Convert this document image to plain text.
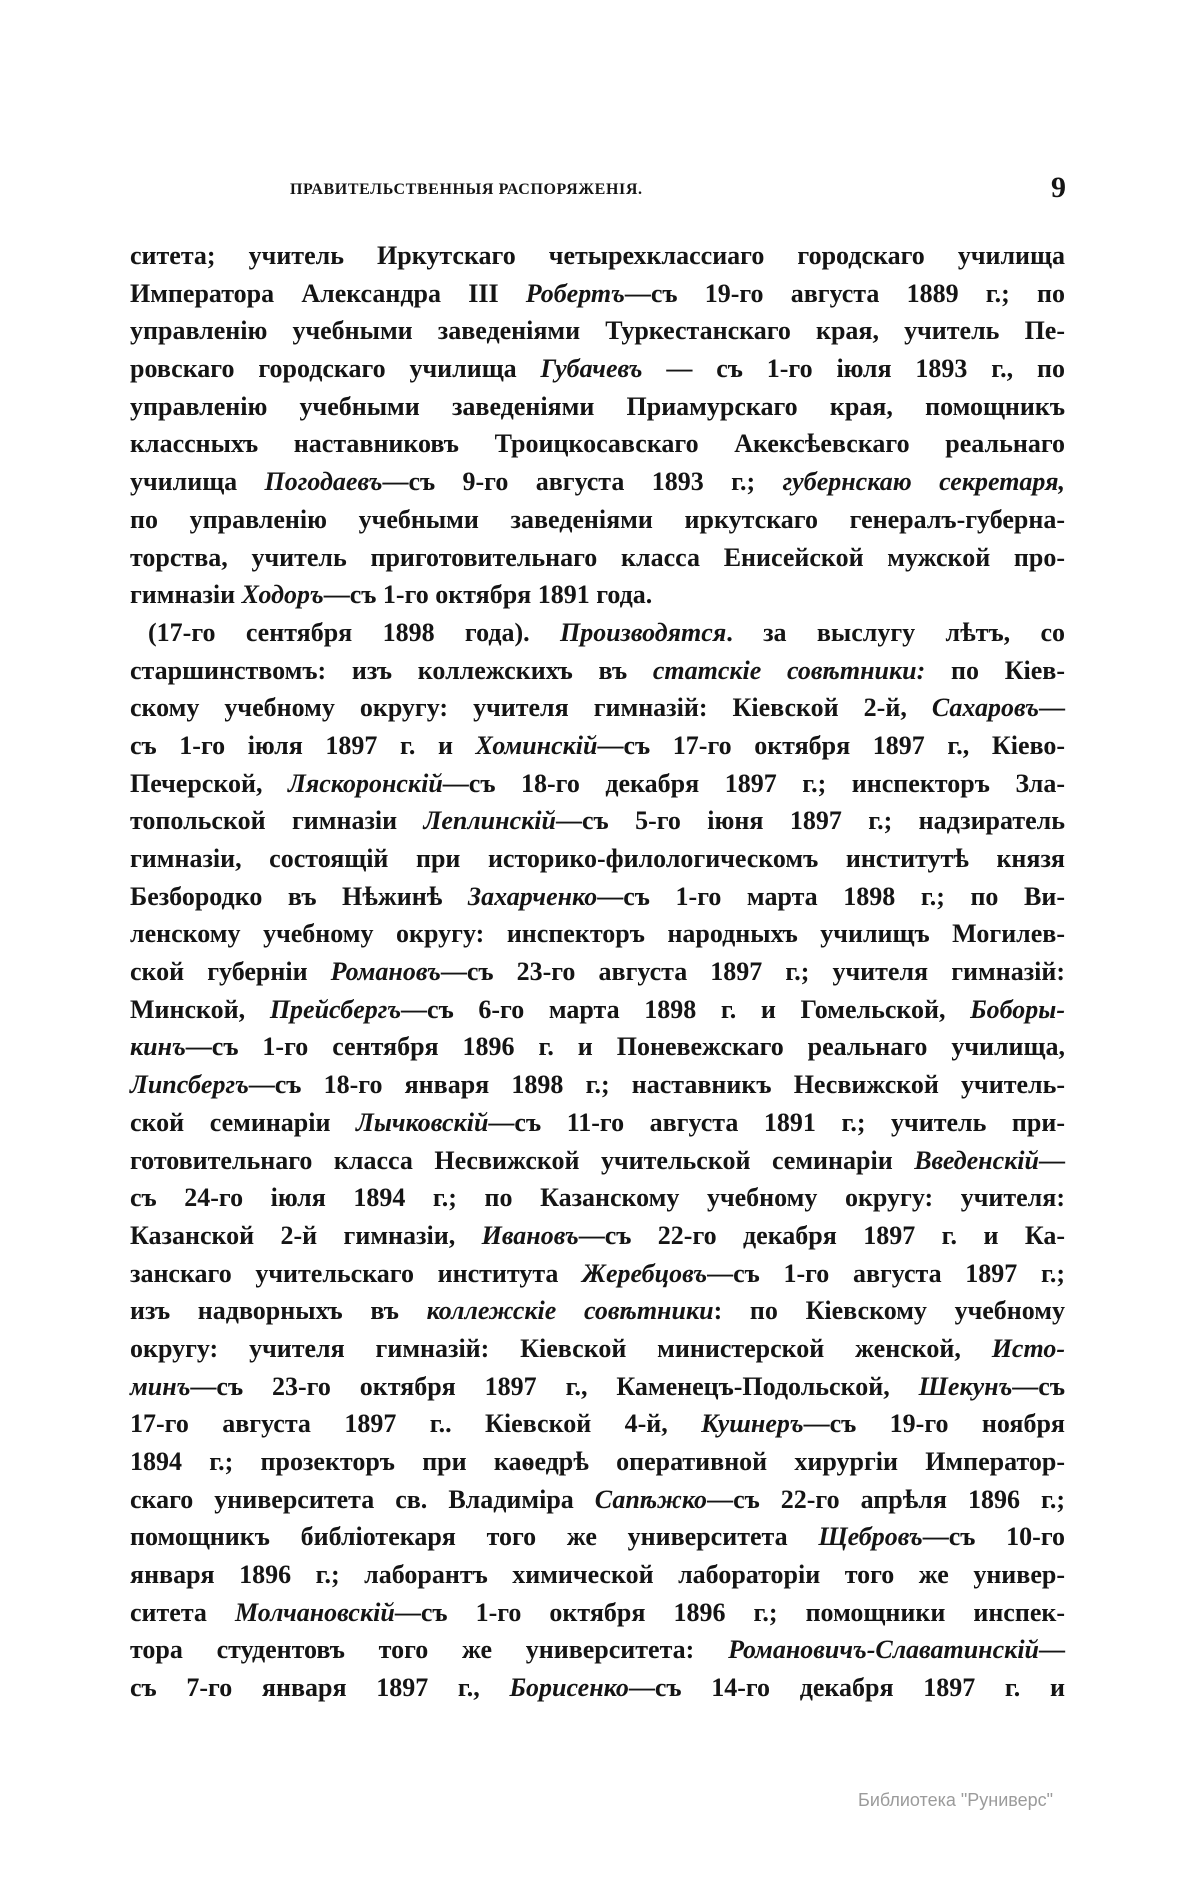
ПРАВИТЕЛЬСТВЕННЫЯ РАСПОРЯЖЕНІЯ.	9
ситета; учитель Иркутскаго четырехклассиаго городскаго училища
Императора Александра III Робертъ—съ 19-го августа 1889 г.; по
управленію учебными заведеніями Туркестанскаго края, учитель Пе-
ровскаго городскаго училища Губачевъ — съ 1-го іюля 1893 г., по
управленію учебными заведеніями Приамурскаго края, помощникъ
классныхъ наставниковъ Троицкосавскаго Акексѣевскаго реальнаго
училища Погодаевъ—съ 9-го августа 1893 г.; губернскаю секретаря,
по управленію учебными заведеніями иркутскаго генералъ-губерна-
торства, учитель приготовительнаго класса Енисейской мужской про-
гимназіи Ходоръ—съ 1-го октября 1891 года.
(17-го сентября 1898 года). Производятся. за выслугу лѣтъ, со
старшинствомъ: изъ коллежскихъ въ статскіе совѣтники: по Кіев-
скому учебному округу: учителя гимназій: Кіевской 2-й, Сахаровъ—
съ 1-го іюля 1897 г. и Хоминскій—съ 17-го октября 1897 г., Кіево-
Печерской, Ляскоронскій—съ 18-го декабря 1897 г.; инспекторъ Зла-
топольской гимназіи Леплинскій—съ 5-го іюня 1897 г.; надзиратель
гимназіи, состоящій при историко-филологическомъ институтѣ князя
Безбородко въ Нѣжинѣ Захарченко—съ 1-го марта 1898 г.; по Ви-
ленскому учебному округу: инспекторъ народныхъ училищъ Могилев-
ской губерніи Романовъ—съ 23-го августа 1897 г.; учителя гимназій:
Минской, Прейсбергъ—съ 6-го марта 1898 г. и Гомельской, Боборы-
кинъ—съ 1-го сентября 1896 г. и Поневежскаго реальнаго училища,
Липсбергъ—съ 18-го января 1898 г.; наставникъ Несвижской учитель-
ской семинаріи Лычковскій—съ 11-го августа 1891 г.; учитель при-
готовительнаго класса Несвижской учительской семинаріи Введенскій—
съ 24-го іюля 1894 г.; по Казанскому учебному округу: учителя:
Казанской 2-й гимназіи, Ивановъ—съ 22-го декабря 1897 г. и Ка-
занскаго учительскаго института Жеребцовъ—съ 1-го августа 1897 г.;
изъ надворныхъ въ коллежскіе совѣтники: по Кіевскому учебному
округу: учителя гимназій: Кіевской министерской женской, Исто-
минъ—съ 23-го октября 1897 г., Каменецъ-Подольской, Шекунъ—съ
17-го августа 1897 г.. Кіевской 4-й, Кушнеръ—съ 19-го ноября
1894 г.; прозекторъ при каѳедрѣ оперативной хирургіи Император-
скаго университета св. Владиміра Сапѣжко—съ 22-го апрѣля 1896 г.;
помощникъ библіотекаря того же университета Щебровъ—съ 10-го
января 1896 г.; лаборантъ химической лабораторіи того же универ-
ситета Молчановскій—съ 1-го октября 1896 г.; помощники инспек-
тора студентовъ того же университета: Романовичъ-Славатинскій—
съ 7-го января 1897 г., Борисенко—съ 14-го декабря 1897 г. и
Библиотека "Руниверс"
